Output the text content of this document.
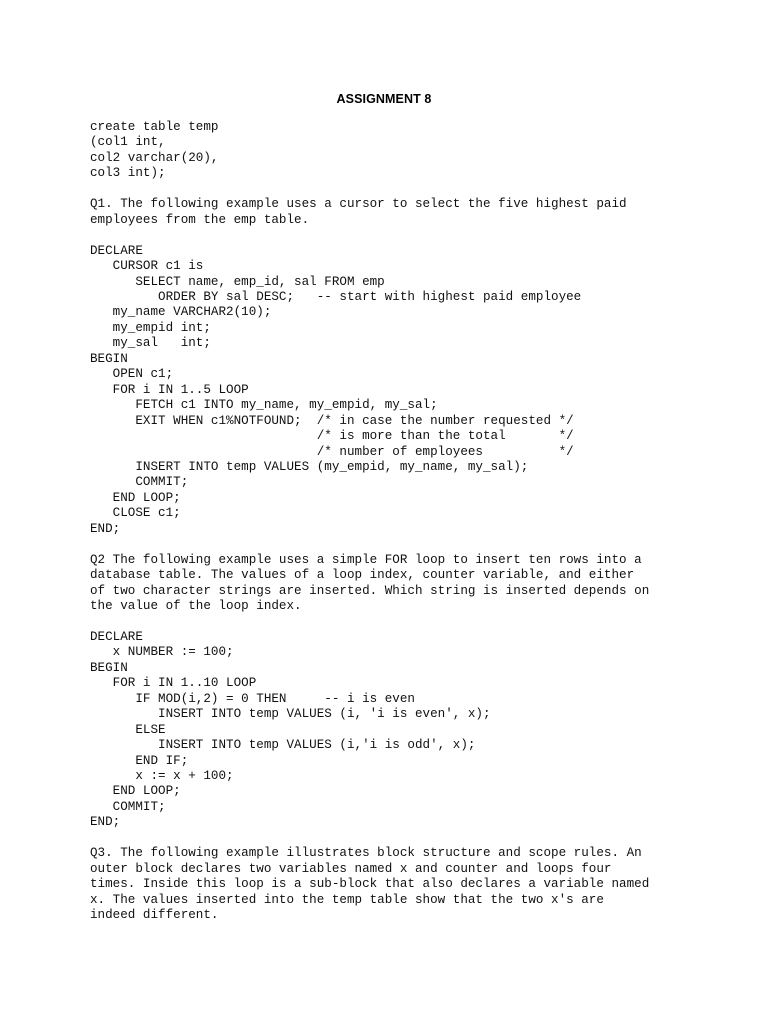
ASSIGNMENT 8
create table temp
(col1 int,
col2 varchar(20),
col3 int);

Q1. The following example uses a cursor to select the five highest paid
employees from the emp table.

DECLARE
CURSOR c1 is
SELECT name, emp_id, sal FROM emp
ORDER BY sal DESC;   -- start with highest paid employee
my_name VARCHAR2(10);
my_empid int;
my_sal   int;
BEGIN
OPEN c1;
FOR i IN 1..5 LOOP
FETCH c1 INTO my_name, my_empid, my_sal;
EXIT WHEN c1%NOTFOUND;  /* in case the number requested */
/* is more than the total       */
/* number of employees          */
INSERT INTO temp VALUES (my_empid, my_name, my_sal);
COMMIT;
END LOOP;
CLOSE c1;
END;

Q2 The following example uses a simple FOR loop to insert ten rows into a
database table. The values of a loop index, counter variable, and either
of two character strings are inserted. Which string is inserted depends on
the value of the loop index.

DECLARE
x NUMBER := 100;
BEGIN
FOR i IN 1..10 LOOP
IF MOD(i,2) = 0 THEN     -- i is even
INSERT INTO temp VALUES (i, 'i is even', x);
ELSE
INSERT INTO temp VALUES (i,'i is odd', x);
END IF;
x := x + 100;
END LOOP;
COMMIT;
END;

Q3. The following example illustrates block structure and scope rules. An
outer block declares two variables named x and counter and loops four
times. Inside this loop is a sub-block that also declares a variable named
x. The values inserted into the temp table show that the two x's are
indeed different.
